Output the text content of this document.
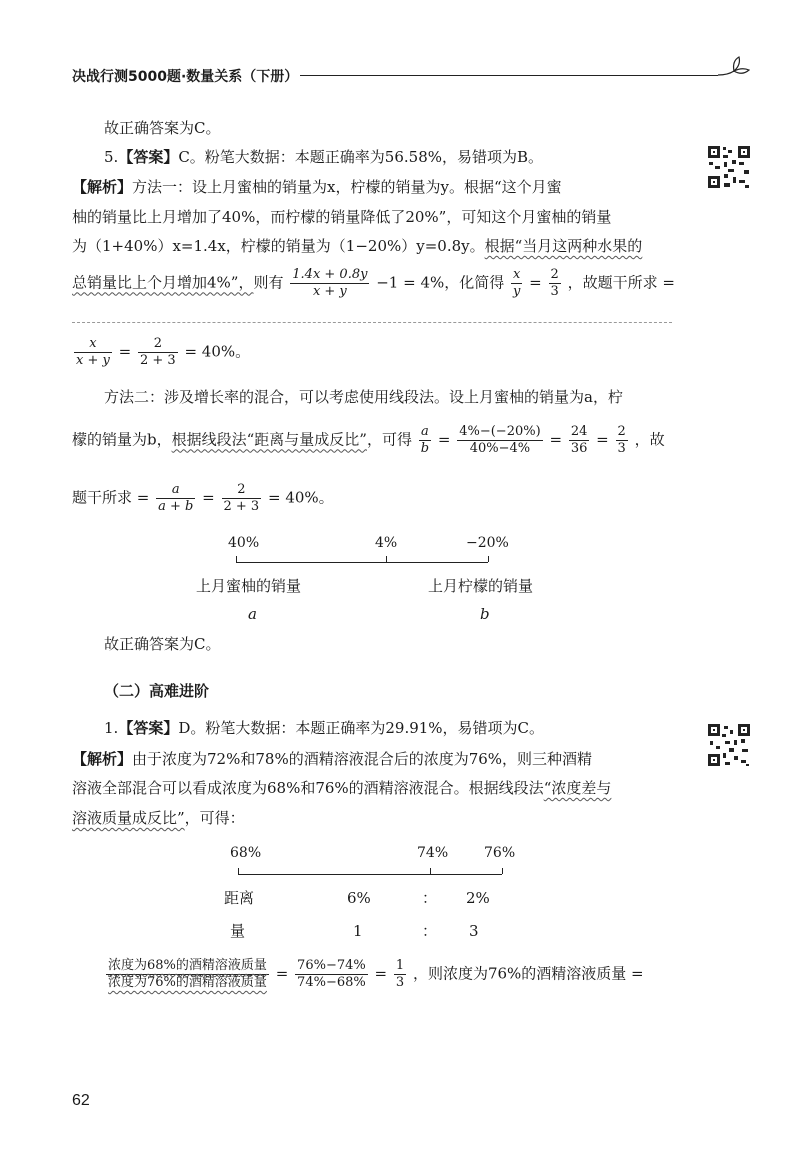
决战行测5000题·数量关系（下册）
故正确答案为C。
5.【答案】C。粉笔大数据：本题正确率为56.58%，易错项为B。
【解析】方法一：设上月蜜柚的销量为x，柠檬的销量为y。根据“这个月蜜
柚的销量比上月增加了40%，而柠檬的销量降低了20%”，可知这个月蜜柚的销量
为（1+40%）x=1.4x，柠檬的销量为（1−20%）y=0.8y。根据“当月这两种水果的
总销量比上个月增加4%”，则有 $\frac{1.4x + 0.8y}{x + y} -1 = 4\%$，化简得 $\frac{x}{y} = \frac{2}{3}$ ，故题干所求 =
$\frac{x}{x + y} = \frac{2}{2 + 3} = 40\%$。
方法二：涉及增长率的混合，可以考虑使用线段法。设上月蜜柚的销量为a，柠
檬的销量为b，根据线段法“距离与量成反比”，可得 $\frac{a}{b} = \frac{4\%-(-20\%)}{40\%-4\%} = \frac{24}{36} = \frac{2}{3}$ ，故
题干所求 = $\frac{a}{a + b} = \frac{2}{2 + 3} = 40\%$。
40%	4%	−20%
上月蜜柚的销量	上月柠檬的销量
a	b
故正确答案为C。
（二）高难进阶
1.【答案】D。粉笔大数据：本题正确率为29.91%，易错项为C。
【解析】由于浓度为72%和78%的酒精溶液混合后的浓度为76%，则三种酒精
溶液全部混合可以看成浓度为68%和76%的酒精溶液混合。根据线段法“浓度差与
溶液质量成反比”，可得：
68%	74%	76%
距离	6%	： 2%
量	1	： 3
$\frac{\text{浓度为68\%的酒精溶液质量}}{\text{浓度为76\%的酒精溶液质量}} = \frac{76\%-74\%}{74\%-68\%} = \frac{1}{3}$ ，则浓度为76%的酒精溶液质量 =
62
